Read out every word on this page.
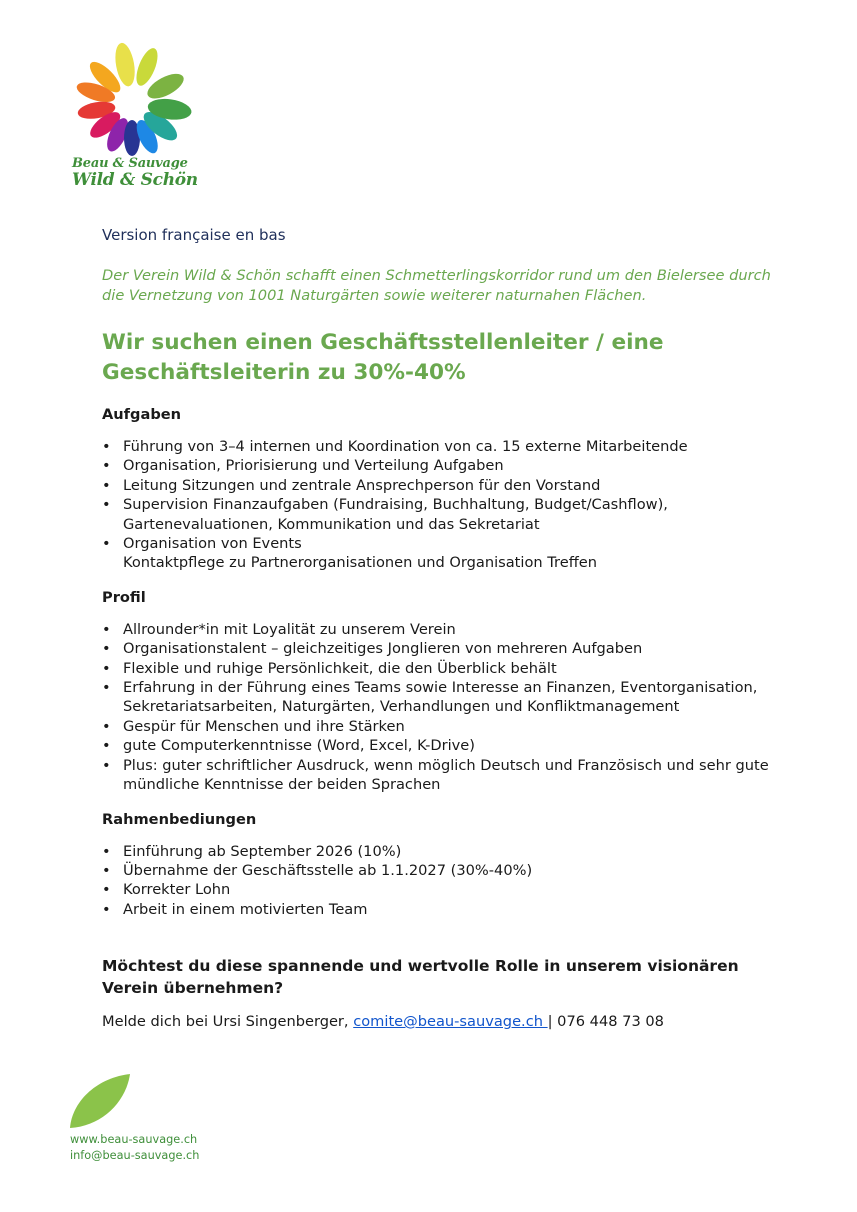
Beau & Sauvage
Wild & Schön
Version française en bas
Der Verein Wild & Schön schafft einen Schmetterlingskorridor rund um den Bielersee durch die Vernetzung von 1001 Naturgärten sowie weiterer naturnahen Flächen.
Wir suchen einen Geschäftsstellenleiter / eine Geschäftsleiterin zu 30%-40%
Aufgaben
• Führung von 3–4 internen und Koordination von ca. 15 externe Mitarbeitende
• Organisation, Priorisierung und Verteilung Aufgaben
• Leitung Sitzungen und zentrale Ansprechperson für den Vorstand
• Supervision Finanzaufgaben (Fundraising, Buchhaltung, Budget/Cashflow), Gartenevaluationen, Kommunikation und das Sekretariat
• Organisation von Events
Kontaktpflege zu Partnerorganisationen und Organisation Treffen
Profil
• Allrounder*in mit Loyalität zu unserem Verein
• Organisationstalent – gleichzeitiges Jonglieren von mehreren Aufgaben
• Flexible und ruhige Persönlichkeit, die den Überblick behält
• Erfahrung in der Führung eines Teams sowie Interesse an Finanzen, Eventorganisation, Sekretariatsarbeiten, Naturgärten, Verhandlungen und Konfliktmanagement
• Gespür für Menschen und ihre Stärken
• gute Computerkenntnisse (Word, Excel, K-Drive)
• Plus: guter schriftlicher Ausdruck, wenn möglich Deutsch und Französisch und sehr gute mündliche Kenntnisse der beiden Sprachen
Rahmenbediungen
• Einführung ab September 2026 (10%)
• Übernahme der Geschäftsstelle ab 1.1.2027 (30%-40%)
• Korrekter Lohn
• Arbeit in einem motivierten Team
Möchtest du diese spannende und wertvolle Rolle in unserem visionären Verein übernehmen?
Melde dich bei Ursi Singenberger, comite@beau-sauvage.ch | 076 448 73 08
www.beau-sauvage.ch
info@beau-sauvage.ch
